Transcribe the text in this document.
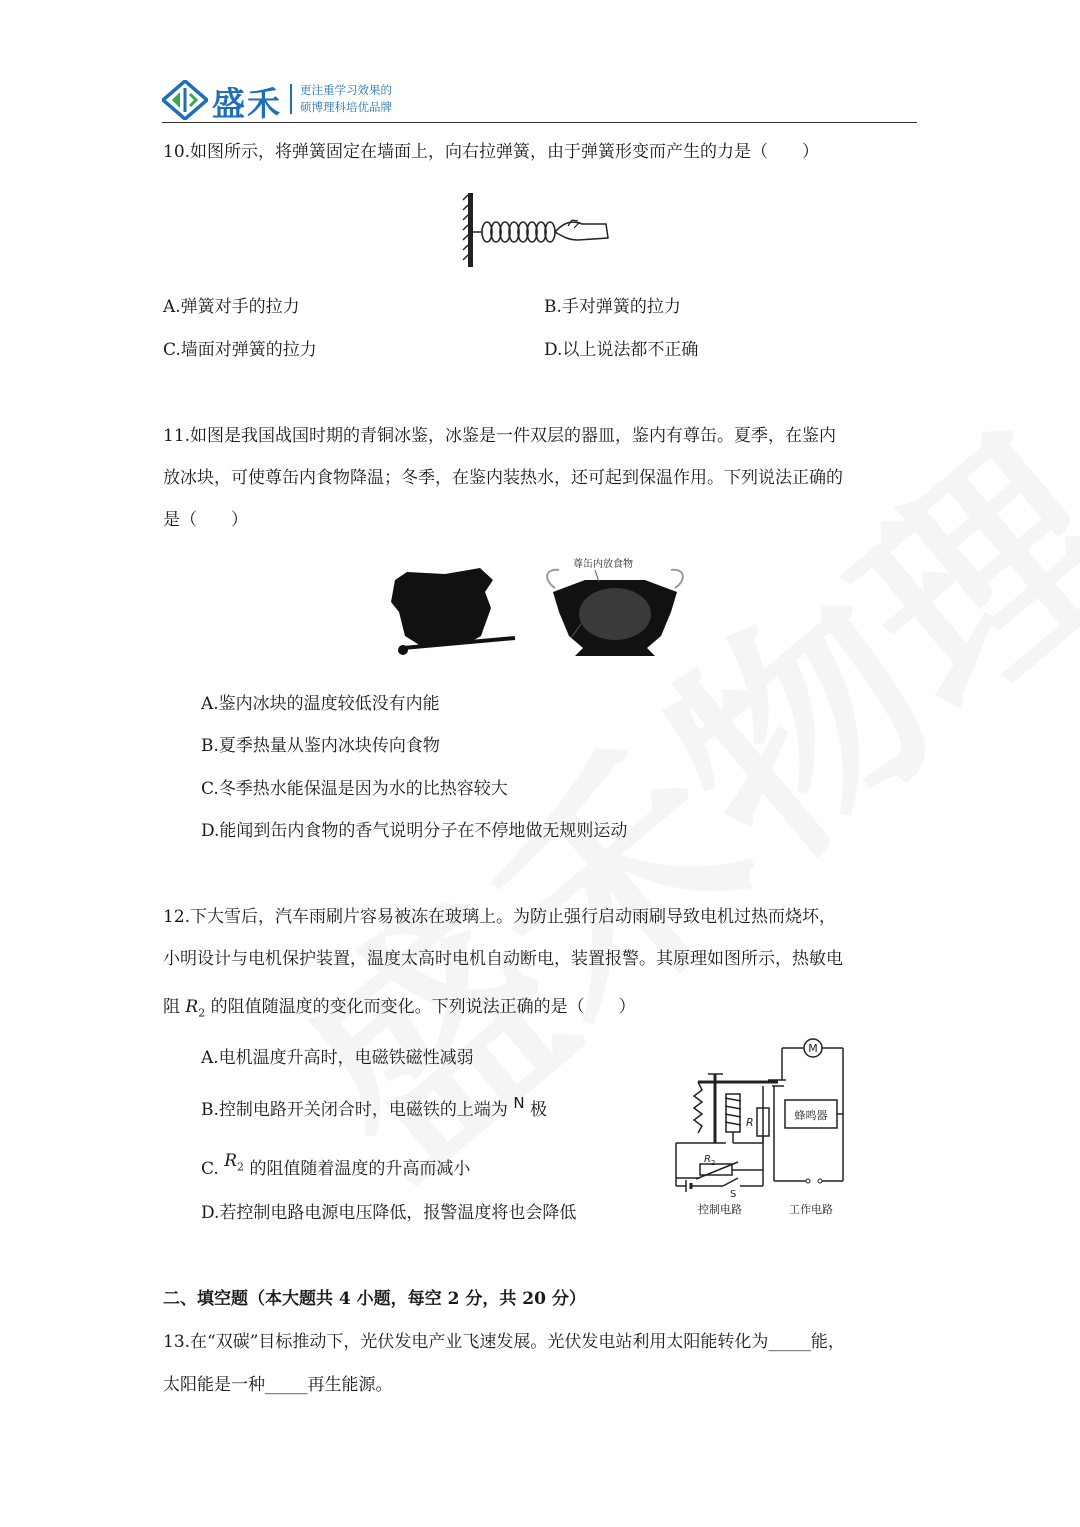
盛禾 更注重学习效果的
硕博理科培优品牌
10.如图所示，将弹簧固定在墙面上，向右拉弹簧，由于弹簧形变而产生的力是（　　）
A.弹簧对手的拉力	B.手对弹簧的拉力
C.墙面对弹簧的拉力	D.以上说法都不正确
11.如图是我国战国时期的青铜冰鉴，冰鉴是一件双层的器皿，鉴内有尊缶。夏季，在鉴内
放冰块，可使尊缶内食物降温；冬季，在鉴内装热水，还可起到保温作用。下列说法正确的
是（　　）
尊缶内放食物
鉴内放冰
A.鉴内冰块的温度较低没有内能
B.夏季热量从鉴内冰块传向食物
C.冬季热水能保温是因为水的比热容较大
D.能闻到缶内食物的香气说明分子在不停地做无规则运动
12.下大雪后，汽车雨刷片容易被冻在玻璃上。为防止强行启动雨刷导致电机过热而烧坏，
小明设计与电机保护装置，温度太高时电机自动断电，装置报警。其原理如图所示，热敏电
阻 $R_2$ 的阻值随温度的变化而变化。下列说法正确的是（　　）
A.电机温度升高时，电磁铁磁性减弱
B.控制电路开关闭合时，电磁铁的上端为 N 极
C. $R_2$ 的阻值随着温度的升高而减小
D.若控制电路电源电压降低，报警温度将也会降低
M
蜂鸣器
R
R 2
S
控制电路	工作电路
二、填空题（本大题共 4 小题，每空 2 分，共 20 分）
13.在“双碳”目标推动下，光伏发电产业飞速发展。光伏发电站利用太阳能转化为_____能，
太阳能是一种_____再生能源。
